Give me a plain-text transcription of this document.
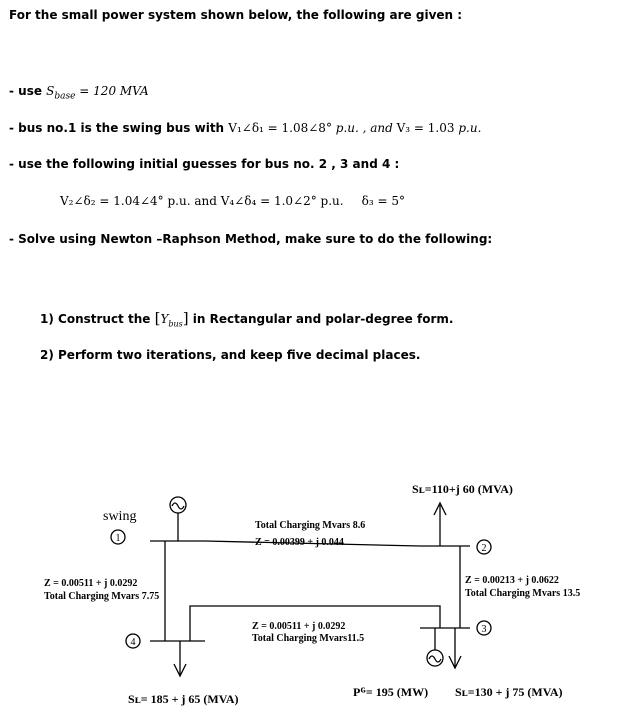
For the small power system shown below, the following are given :
- use $S_{base} = 120$ MVA
- bus no.1 is the swing bus with V₁∠δ₁ = 1.08∠8° p.u. , and V₃ = 1.03 p.u.
- use the following initial guesses for bus no. 2 , 3 and 4 :
V₂∠δ₂ = 1.04∠4° p.u. and V₄∠δ₄ = 1.0∠2° p.u. δ₃ = 5°
- Solve using Newton –Raphson Method, make sure to do the following:
1) Construct the $[Y_{bus}]$ in Rectangular and polar-degree form.
2) Perform two iterations, and keep five decimal places.
swing
1
2
3
4
Total Charging Mvars 8.6
Z = 0.00399 + j 0.044
Z = 0.00511 + j 0.0292
Total Charging Mvars 7.75
Z = 0.00213 + j 0.0622
Total Charging Mvars 13.5
Z = 0.00511 + j 0.0292
Total Charging Mvars11.5
Sʟ=110+j 60 (MVA)
Sʟ= 185 + j 65 (MVA)	Pᴳ= 195 (MW) Sʟ=130 + j 75 (MVA)
